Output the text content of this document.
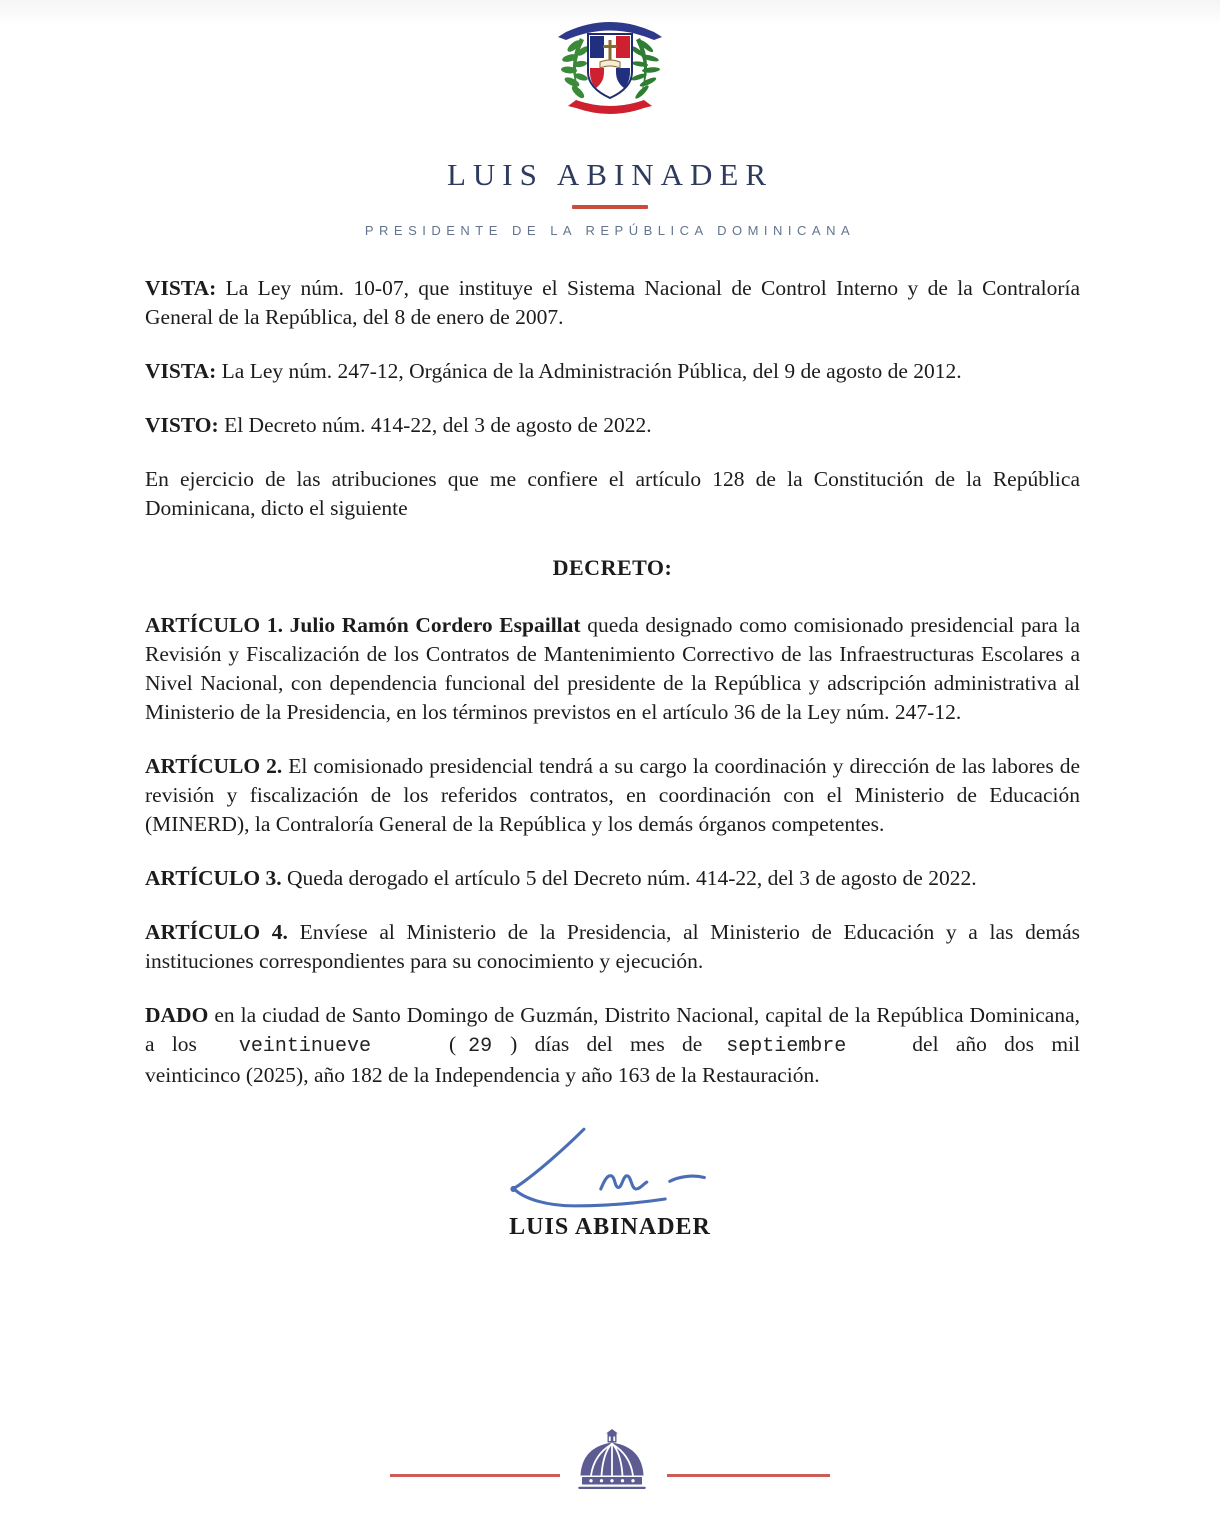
LUIS ABINADER
PRESIDENTE DE LA REPÚBLICA DOMINICANA

VISTA: La Ley núm. 10-07, que instituye el Sistema Nacional de Control Interno y de la Contraloría General de la República, del 8 de enero de 2007.

VISTA: La Ley núm. 247-12, Orgánica de la Administración Pública, del 9 de agosto de 2012.

VISTO: El Decreto núm. 414-22, del 3 de agosto de 2022.

En ejercicio de las atribuciones que me confiere el artículo 128 de la Constitución de la República Dominicana, dicto el siguiente

DECRETO:

ARTÍCULO 1. Julio Ramón Cordero Espaillat queda designado como comisionado presidencial para la Revisión y Fiscalización de los Contratos de Mantenimiento Correctivo de las Infraestructuras Escolares a Nivel Nacional, con dependencia funcional del presidente de la República y adscripción administrativa al Ministerio de la Presidencia, en los términos previstos en el artículo 36 de la Ley núm. 247-12.

ARTÍCULO 2. El comisionado presidencial tendrá a su cargo la coordinación y dirección de las labores de revisión y fiscalización de los referidos contratos, en coordinación con el Ministerio de Educación (MINERD), la Contraloría General de la República y los demás órganos competentes.

ARTÍCULO 3. Queda derogado el artículo 5 del Decreto núm. 414-22, del 3 de agosto de 2022.

ARTÍCULO 4. Envíese al Ministerio de la Presidencia, al Ministerio de Educación y a las demás instituciones correspondientes para su conocimiento y ejecución.

DADO en la ciudad de Santo Domingo de Guzmán, Distrito Nacional, capital de la República Dominicana, a los veintinueve	( 29 ) días del mes de septiembre	del año dos mil veinticinco (2025), año 182 de la Independencia y año 163 de la Restauración.

LUIS ABINADER
